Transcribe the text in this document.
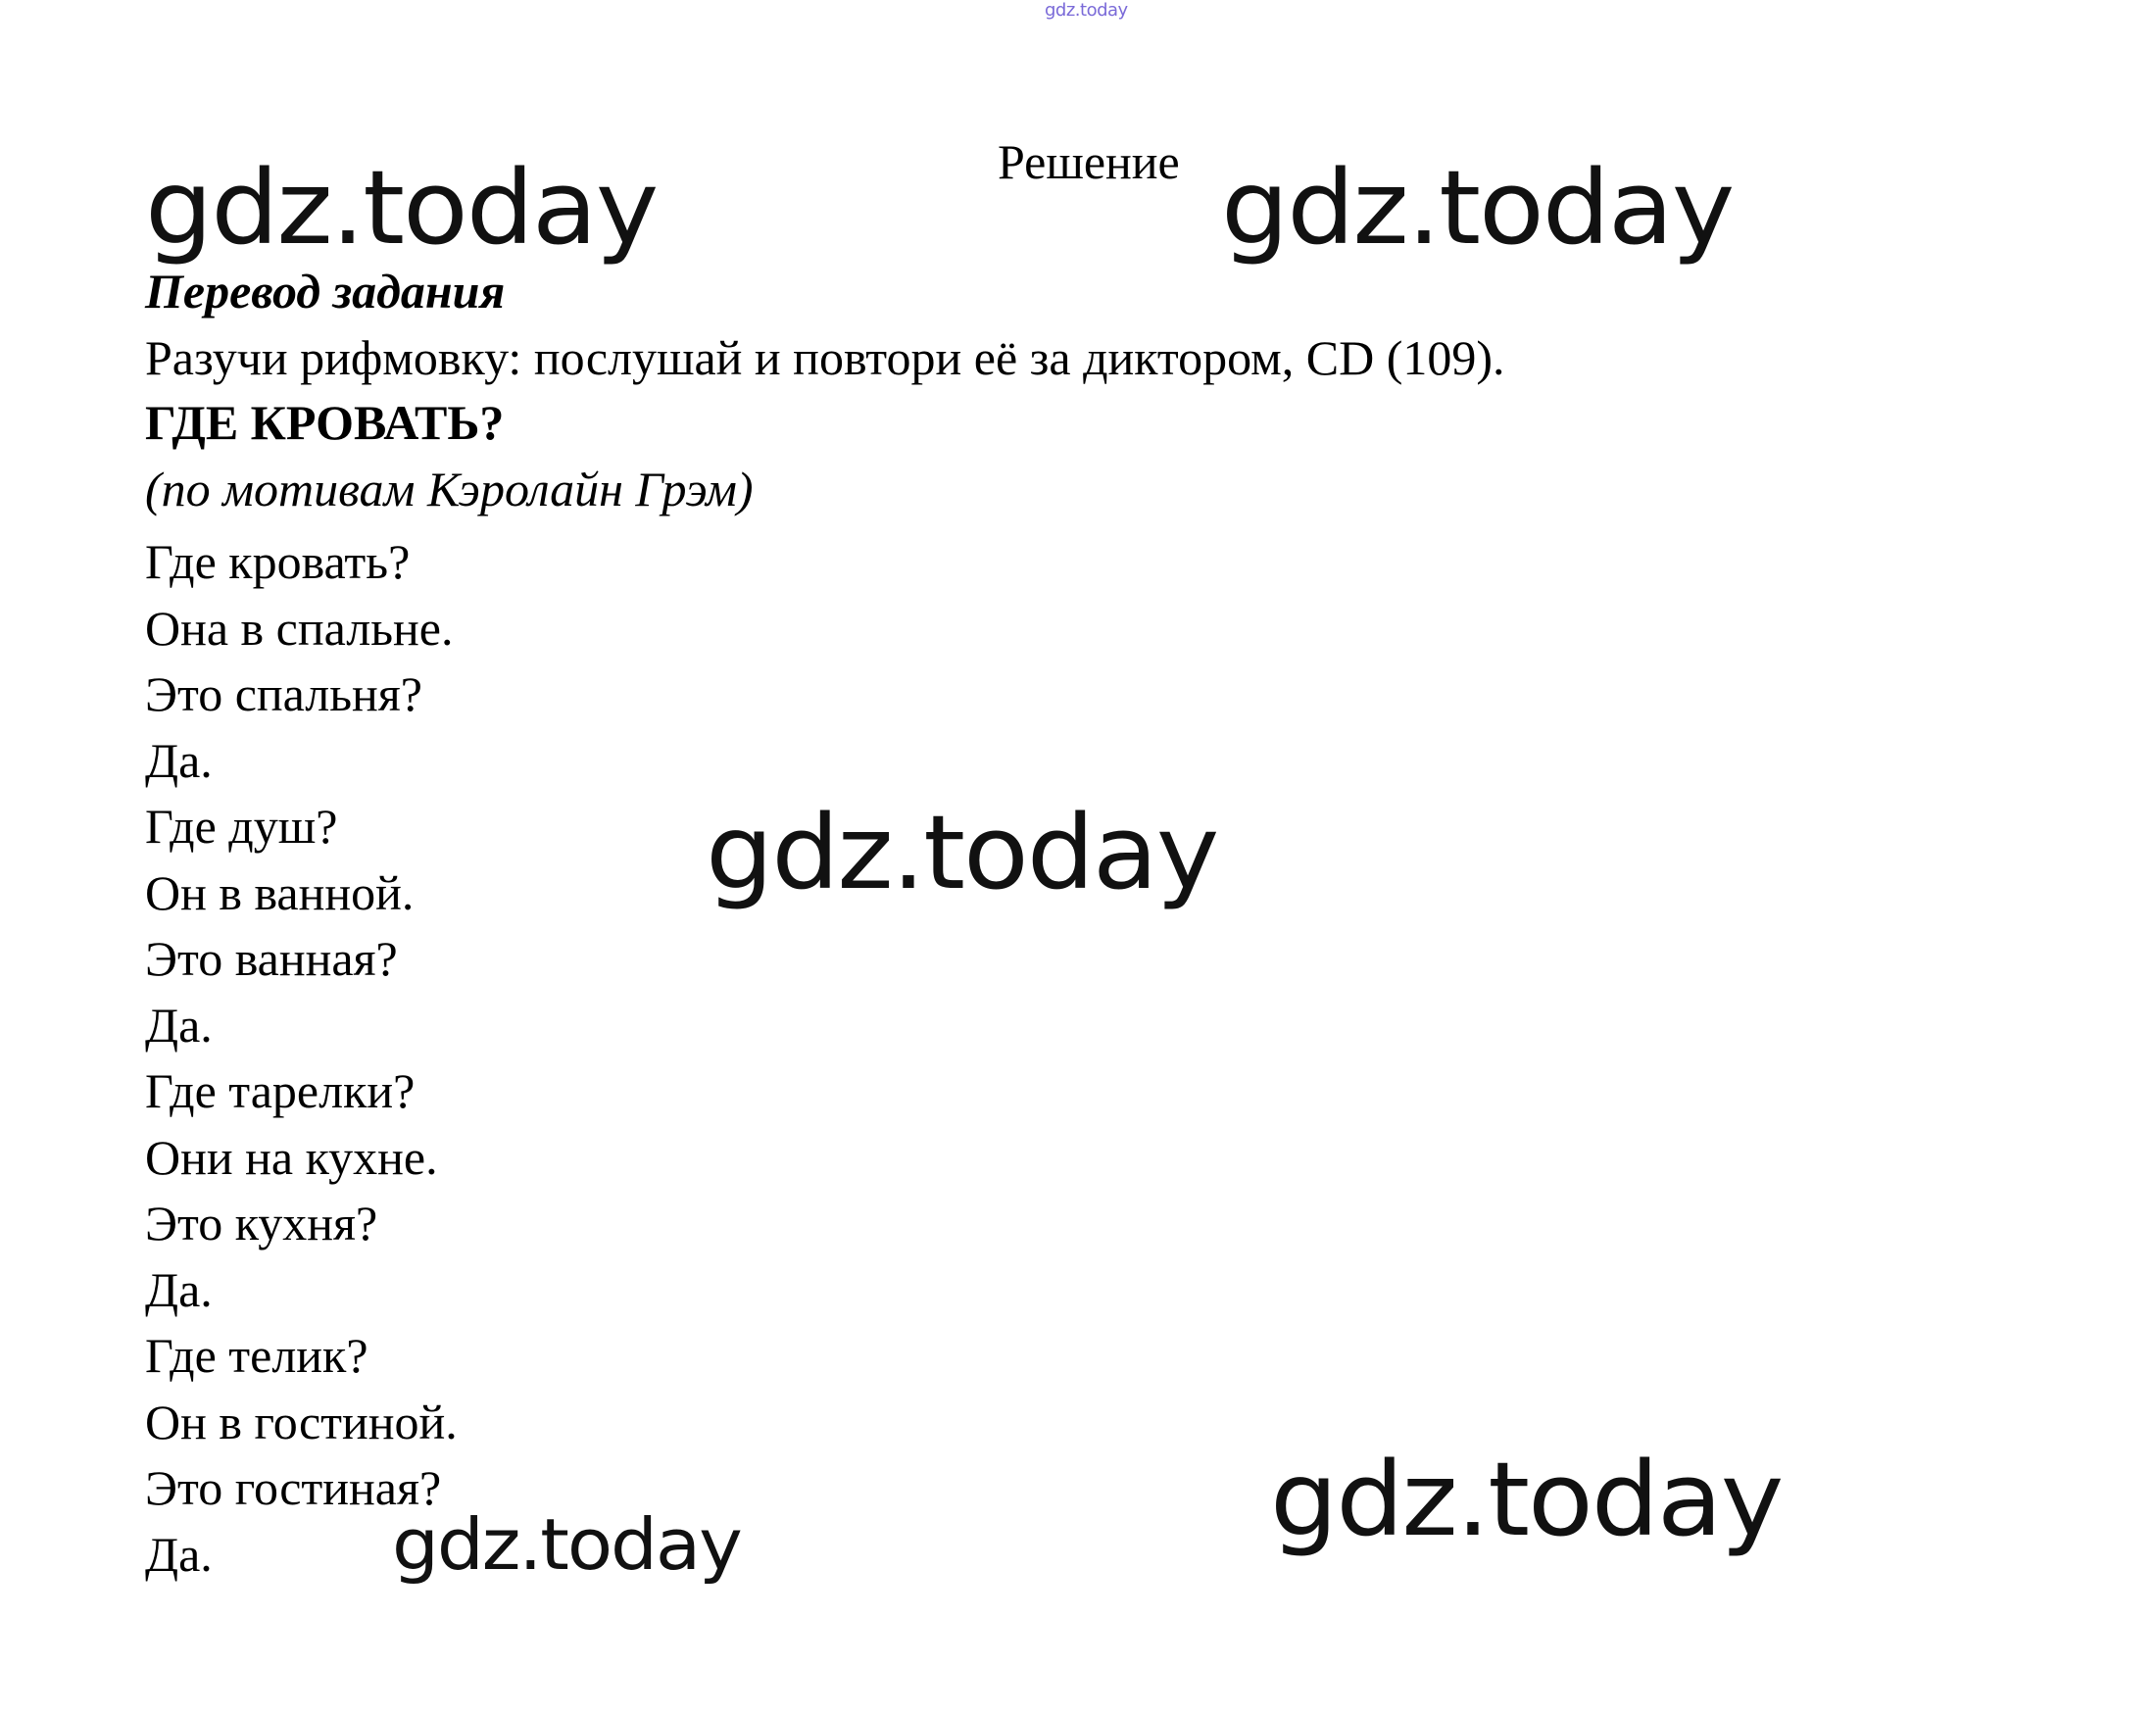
gdz.today
gdz.today	gdz.today
gdz.today
gdz.today
gdz.today
Решение
Перевод задания
Разучи рифмовку: послушай и повтори её за диктором, CD (109).
ГДЕ КРОВАТЬ?
(по мотивам Кэролайн Грэм)
Где кровать?
Она в спальне.
Это спальня?
Да.
Где душ?
Он в ванной.
Это ванная?
Да.
Где тарелки?
Они на кухне.
Это кухня?
Да.
Где телик?
Он в гостиной.
Это гостиная?
Да.
